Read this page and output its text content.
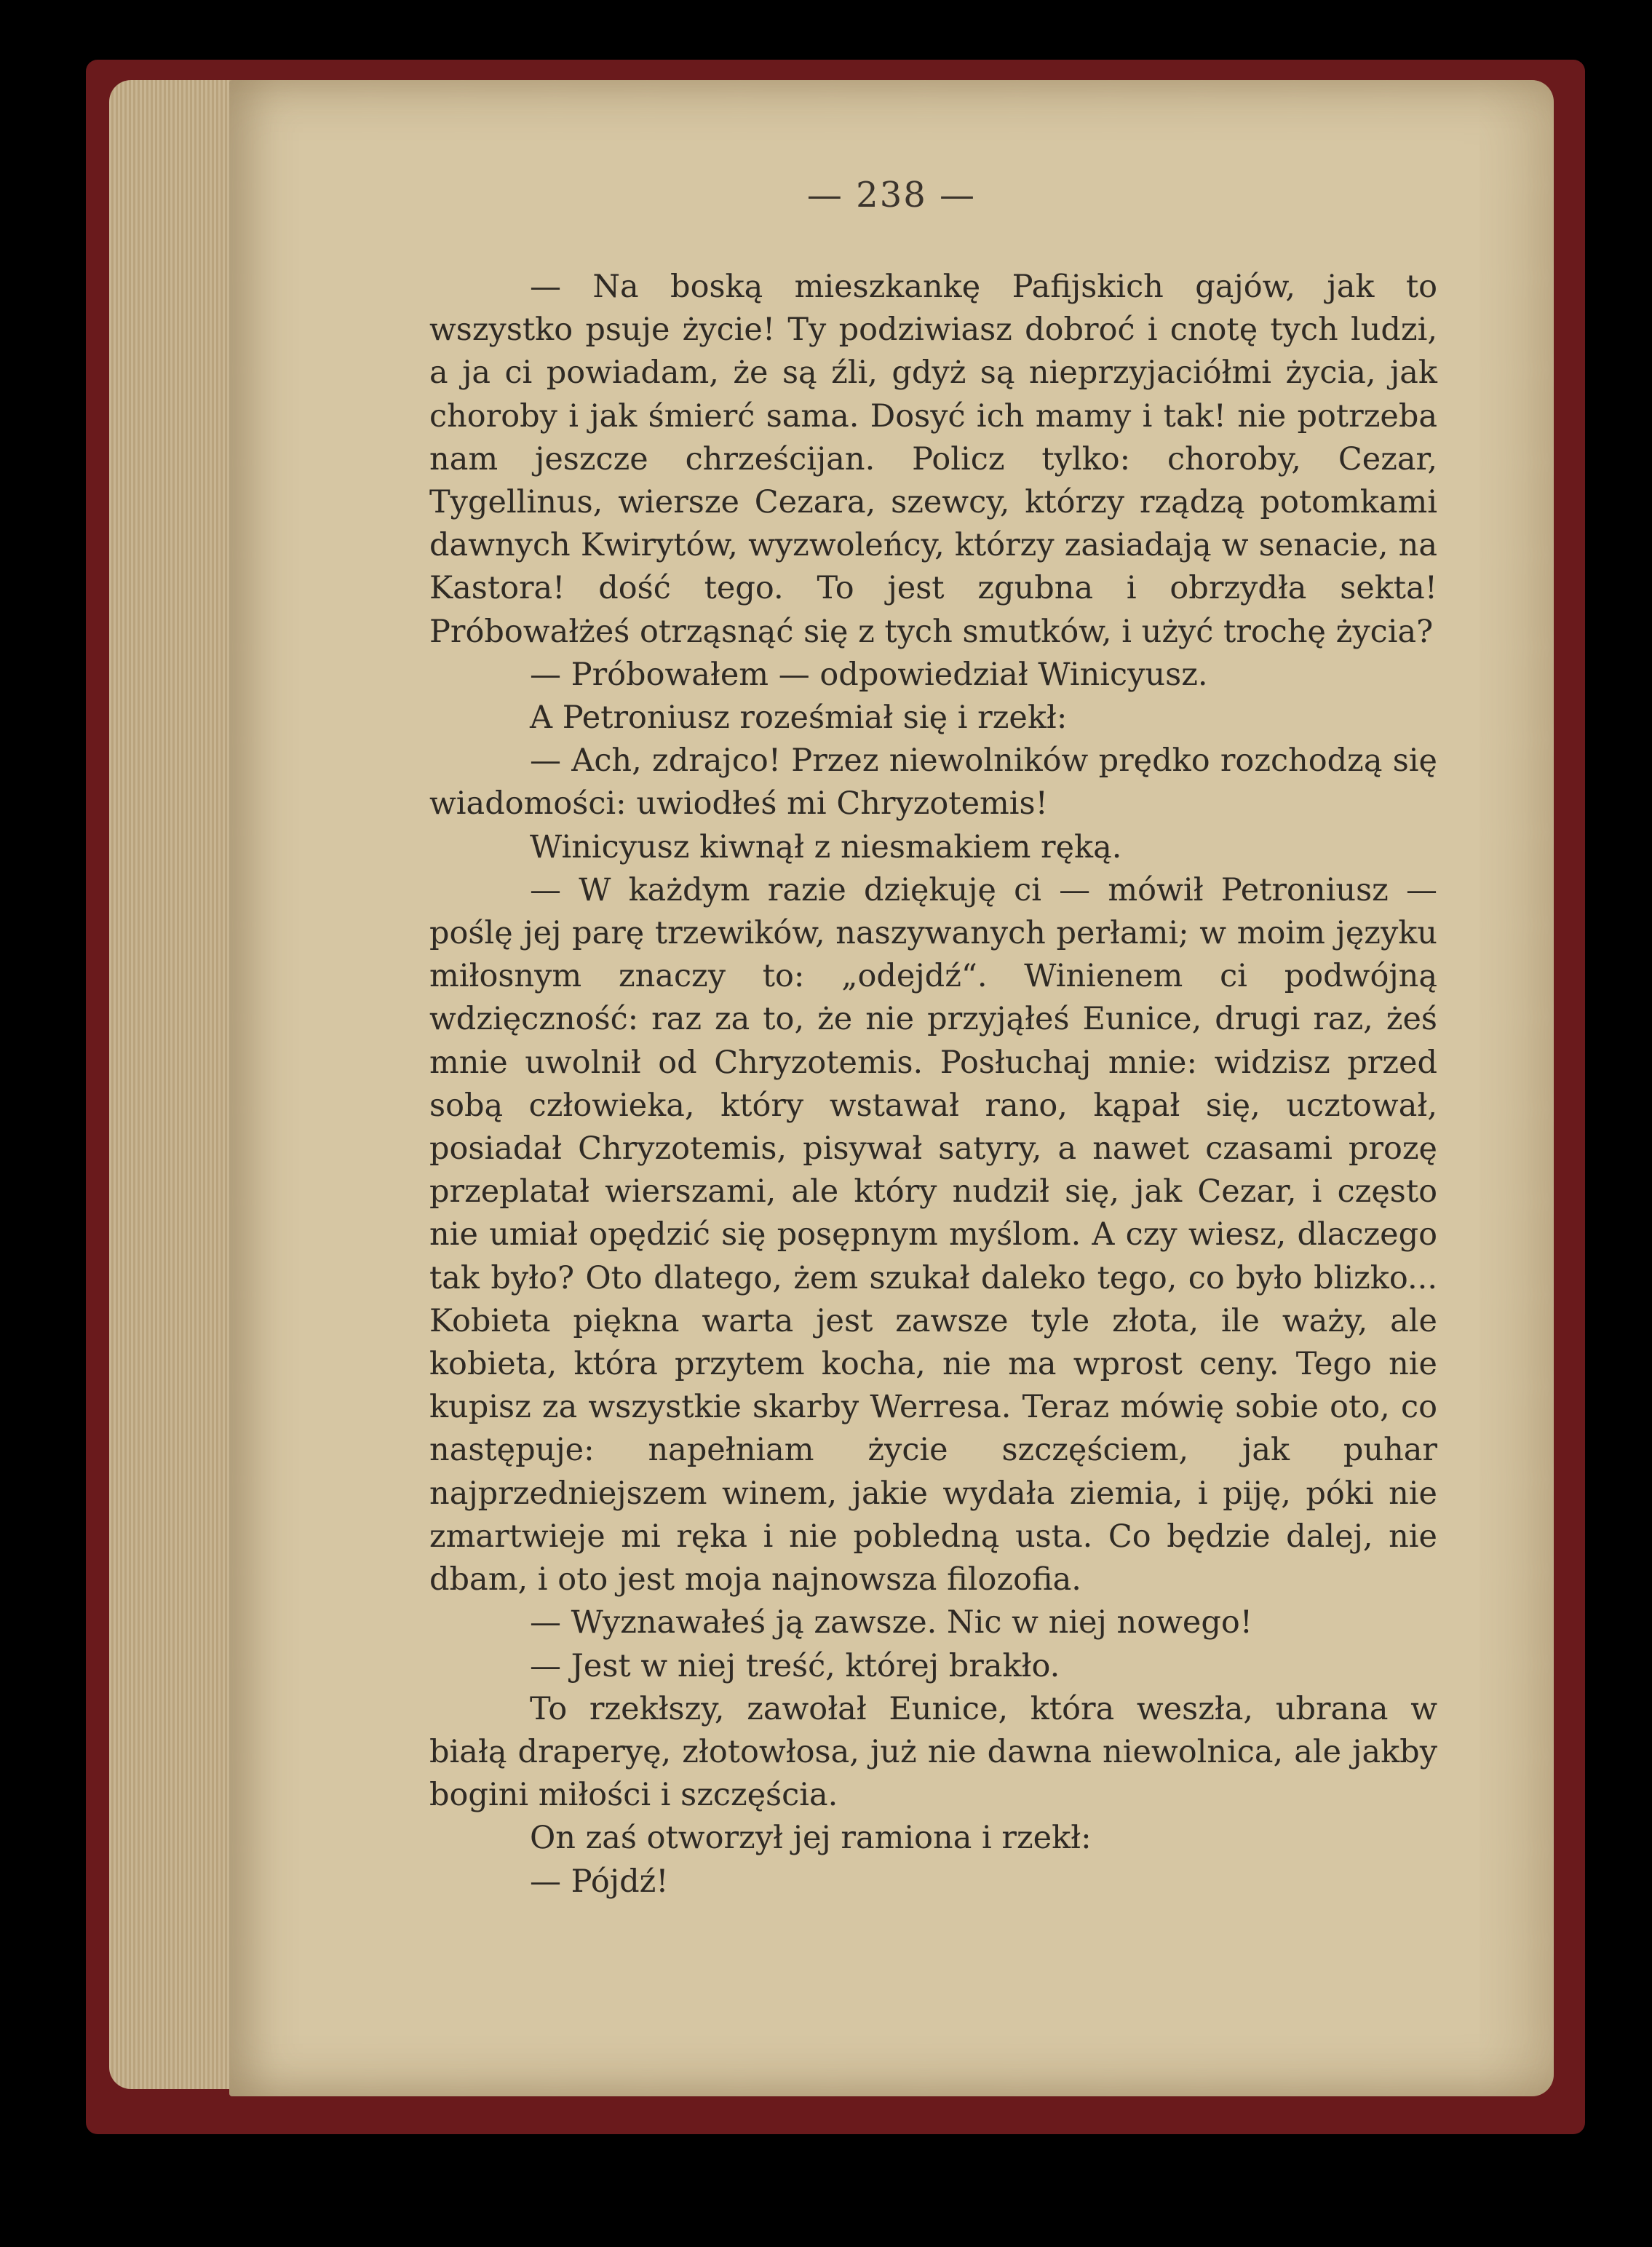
— 238 —

— Na boską mieszkankę Pafijskich gajów, jak to wszystko psuje życie! Ty podziwiasz dobroć i cnotę tych ludzi, a ja ci powiadam, że są źli, gdyż są nieprzyjaciółmi życia, jak choroby i jak śmierć sama. Dosyć ich mamy i tak! nie potrzeba nam jeszcze chrześcijan. Policz tylko: choroby, Cezar, Tygellinus, wiersze Cezara, szewcy, którzy rządzą potomkami dawnych Kwirytów, wyzwoleńcy, którzy zasiadają w senacie, na Kastora! dość tego. To jest zgubna i obrzydła sekta! Próbowałżeś otrząsnąć się z tych smutków, i użyć trochę życia?

— Próbowałem — odpowiedział Winicyusz.

A Petroniusz roześmiał się i rzekł:

— Ach, zdrajco! Przez niewolników prędko rozchodzą się wiadomości: uwiodłeś mi Chryzotemis!

Winicyusz kiwnął z niesmakiem ręką.

— W każdym razie dziękuję ci — mówił Petroniusz — poślę jej parę trzewików, naszywanych perłami; w moim języku miłosnym znaczy to: „odejdź“. Winienem ci podwójną wdzięczność: raz za to, że nie przyjąłeś Eunice, drugi raz, żeś mnie uwolnił od Chryzotemis. Posłuchaj mnie: widzisz przed sobą człowieka, który wstawał rano, kąpał się, ucztował, posiadał Chryzotemis, pisywał satyry, a nawet czasami prozę przeplatał wierszami, ale który nudził się, jak Cezar, i często nie umiał opędzić się posępnym myślom. A czy wiesz, dlaczego tak było? Oto dlatego, żem szukał daleko tego, co było blizko... Kobieta piękna warta jest zawsze tyle złota, ile waży, ale kobieta, która przytem kocha, nie ma wprost ceny. Tego nie kupisz za wszystkie skarby Werresa. Teraz mówię sobie oto, co następuje: napełniam życie szczęściem, jak puhar najprzedniejszem winem, jakie wydała ziemia, i piję, póki nie zmartwieje mi ręka i nie pobledną usta. Co będzie dalej, nie dbam, i oto jest moja najnowsza filozofia.

— Wyznawałeś ją zawsze. Nic w niej nowego!

— Jest w niej treść, której brakło.

To rzekłszy, zawołał Eunice, która weszła, ubrana w białą draperyę, złotowłosa, już nie dawna niewolnica, ale jakby bogini miłości i szczęścia.

On zaś otworzył jej ramiona i rzekł:

— Pójdź!
